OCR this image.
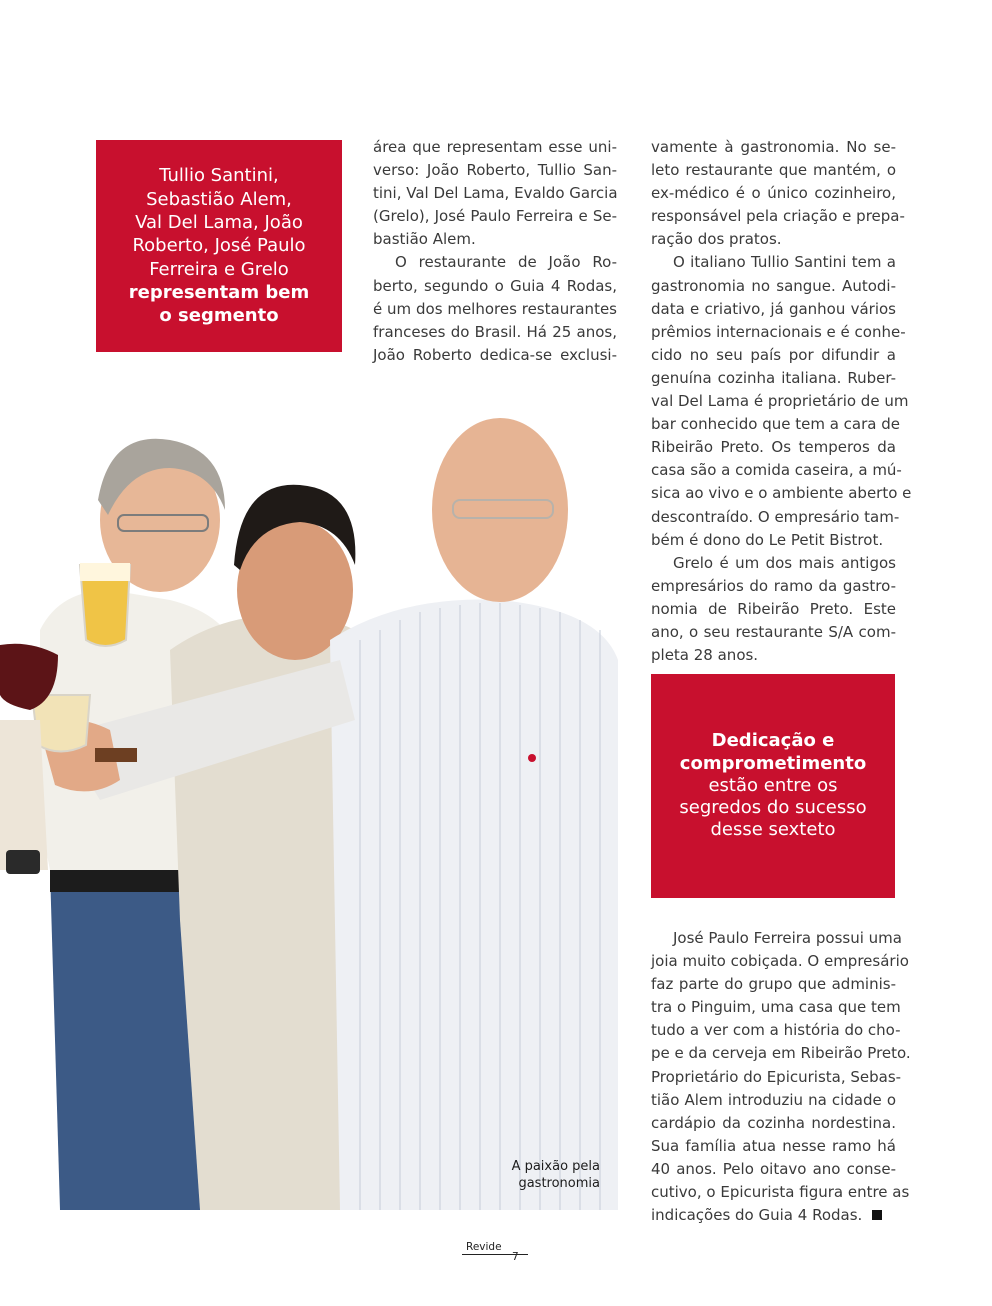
Tullio Santini,
Sebastião Alem,
Val Del Lama, João
Roberto, José Paulo
Ferreira e Grelo
representam bem
o segmento
área que representam esse uni-
verso: João Roberto, Tullio San-
tini, Val Del Lama, Evaldo Garcia
(Grelo), José Paulo Ferreira e Se-
bastião Alem.
O restaurante de João Ro-
berto, segundo o Guia 4 Rodas,
é um dos melhores restaurantes
franceses do Brasil. Há 25 anos,
João Roberto dedica-se exclusi-
vamente à gastronomia. No se-
leto restaurante que mantém, o
ex-médico é o único cozinheiro,
responsável pela criação e prepa-
ração dos pratos.
O italiano Tullio Santini tem a
gastronomia no sangue. Autodi-
data e criativo, já ganhou vários
prêmios internacionais e é conhe-
cido no seu país por difundir a
genuína cozinha italiana. Ruber-
val Del Lama é proprietário de um
bar conhecido que tem a cara de
Ribeirão Preto. Os temperos da
casa são a comida caseira, a mú-
sica ao vivo e o ambiente aberto e
descontraído. O empresário tam-
bém é dono do Le Petit Bistrot.
Grelo é um dos mais antigos
empresários do ramo da gastro-
nomia de Ribeirão Preto. Este
ano, o seu restaurante S/A com-
pleta 28 anos.
Dedicação e
comprometimento
estão entre os
segredos do sucesso
desse sexteto
José Paulo Ferreira possui uma
joia muito cobiçada. O empresário
faz parte do grupo que adminis-
tra o Pinguim, uma casa que tem
tudo a ver com a história do cho-
pe e da cerveja em Ribeirão Preto.
Proprietário do Epicurista, Sebas-
tião Alem introduziu na cidade o
cardápio da cozinha nordestina.
Sua família atua nesse ramo há
40 anos. Pelo oitavo ano conse-
cutivo, o Epicurista figura entre as
indicações do Guia 4 Rodas.
A paixão pela
gastronomia
Revide
7
